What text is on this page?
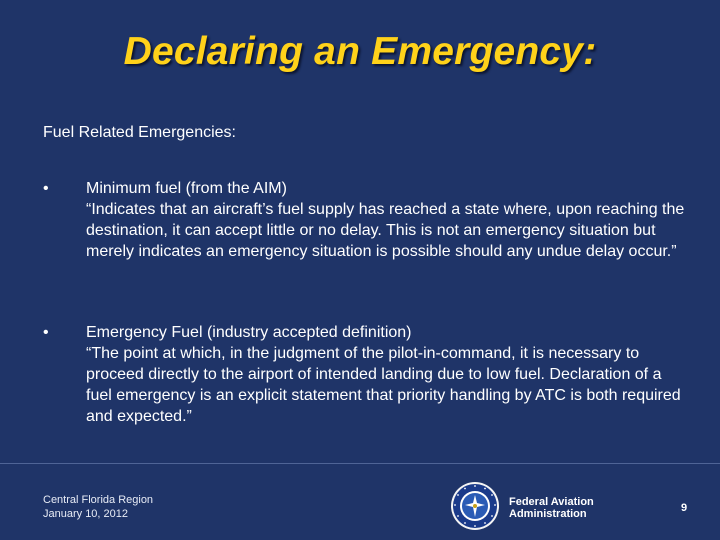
Declaring an Emergency:
Fuel Related Emergencies:
•	Minimum fuel (from the AIM)
“Indicates that an aircraft’s fuel supply has reached a state where, upon reaching the destination, it can accept little or no delay. This is not an emergency situation but merely indicates an emergency situation is possible should any undue delay occur.”
•	Emergency Fuel (industry accepted definition)
“The point at which, in the judgment of the pilot-in-command, it is necessary to proceed directly to the airport of intended landing due to low fuel. Declaration of a fuel emergency is an explicit statement that priority handling by ATC is both required and expected.”
Central Florida Region
January 10, 2012
Federal Aviation
Administration	9
